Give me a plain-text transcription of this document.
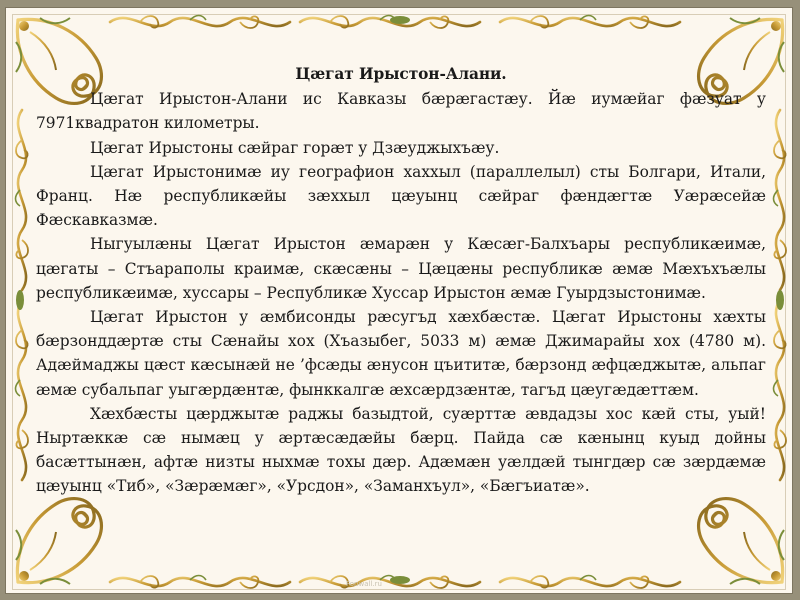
Цæгат Ирыстон-Алани.

Цæгат Ирыстон-Алани ис Кавказы бæрæгастæу. Йæ иумæйаг фæзуат у 7971квадратон километры.

Цæгат Ирыстоны сæйраг горæт у Дзæуджыхъæу.

Цæгат Ирыстонимæ иу географион хаххыл (параллелыл) сты Болгари, Итали, Франц. Нæ республикæйы зæххыл цæуынц сæйраг фæндæгтæ Уæрæсейæ Фæскавказмæ.

Ныгуылæны Цæгат Ирыстон æмарæн у Кæсæг-Балхъары республикæимæ, цæгаты – Стъараполы краимæ, скæсæны – Цæцæны республикæ æмæ Мæхъхъæлы республикæимæ, хуссары – Республикæ Хуссар Ирыстон æмæ Гуырдзыстонимæ.

Цæгат Ирыстон у æмбисонды рæсугъд хæхбæстæ. Цæгат Ирыстоны хæхты бæрзонддæртæ сты Сæнайы хох (Хъазыбег, 5033 м) æмæ Джимарайы хох (4780 м). Адæймаджы цæст кæсынæй не ’фсæды æнусон цъититæ, бæрзонд æфцæджытæ, альпаг æмæ субальпаг уыгæрдæнтæ, фынккалгæ æхсæрдзæнтæ, тагъд цæугæдæттæм.

Хæхбæсты цæрджытæ раджы базыдтой, суæрттæ æвдадзы хос кæй сты, уый! Ныртæккæ сæ нымæц у æртæсæдæйы бæрц. Пайда сæ кæнынц куыд дойны басæттынæн, афтæ низты ныхмæ тохы дæр. Адæмæн уæлдæй тынгдæр сæ зæрдæмæ цæуынц «Тиб», «Зæрæмæг», «Урсдон», «Заманхъул», «Бæгъиатæ».

Fonwall.ru
